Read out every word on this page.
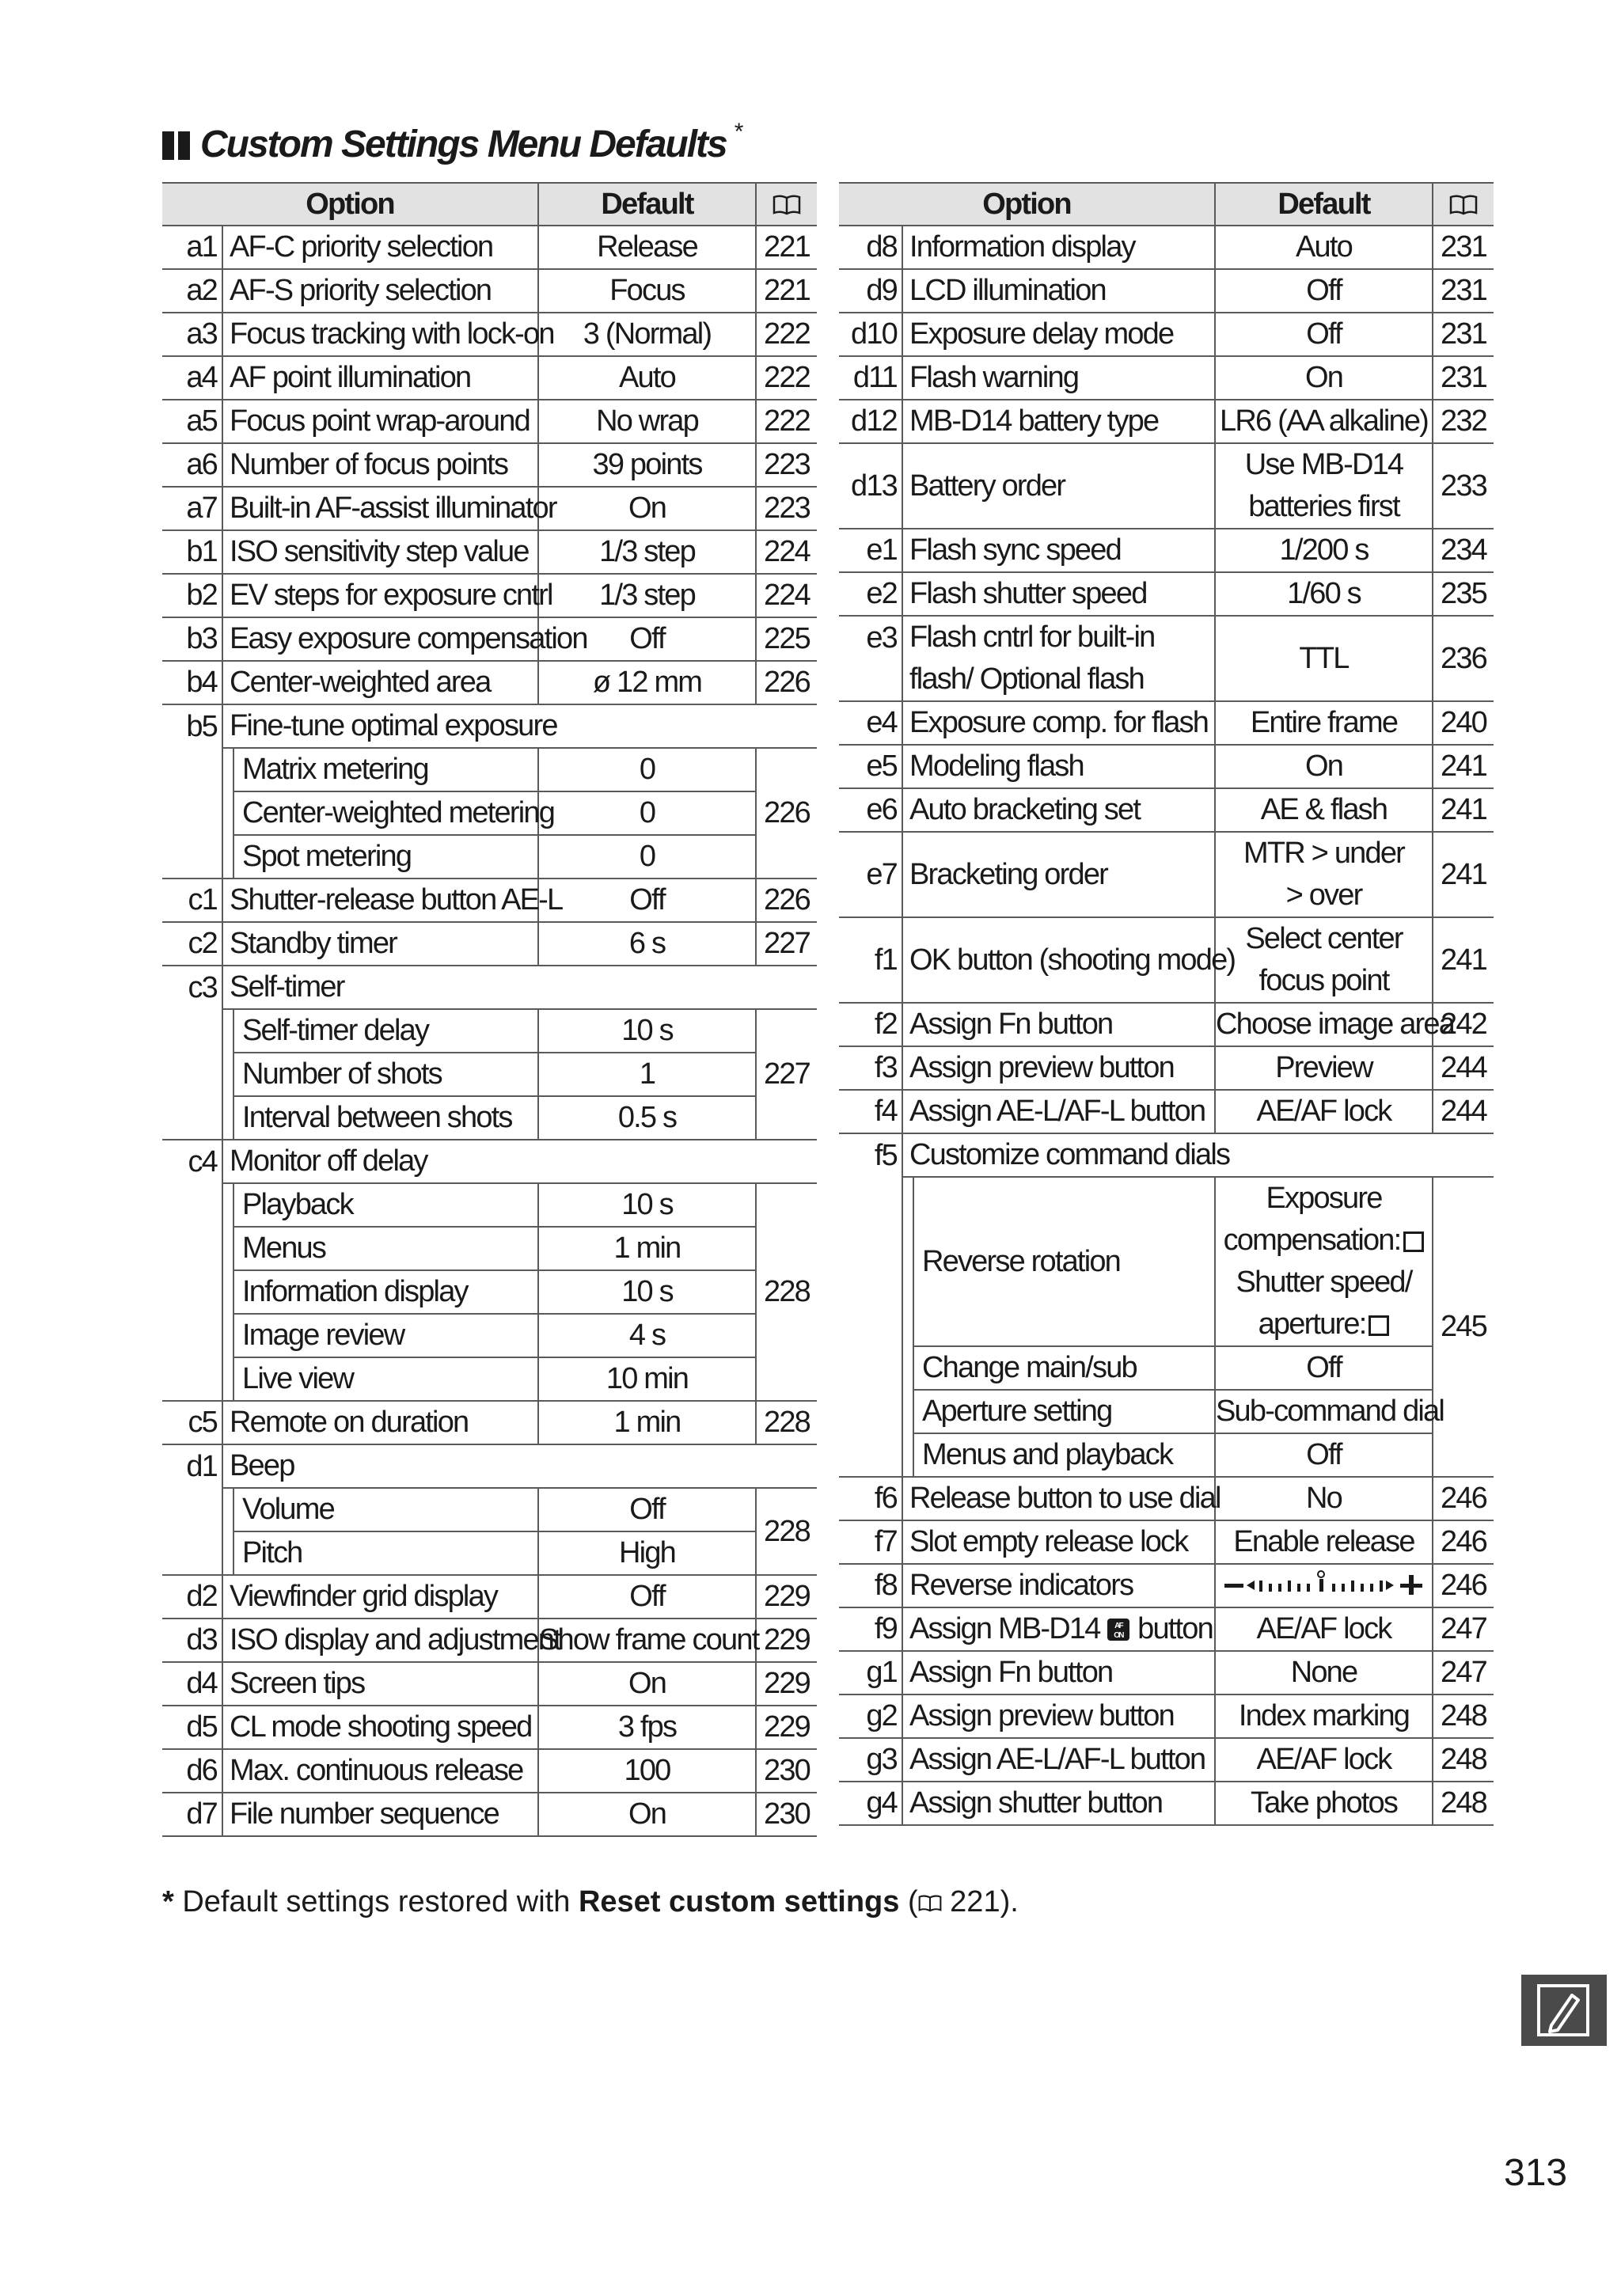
Custom Settings Menu Defaults *
Option			Default	
a1	AF-C priority selection		Release	221
a2	AF-S priority selection		Focus	221
a3	Focus tracking with lock-on		3 (Normal)	222
a4	AF point illumination		Auto	222
a5	Focus point wrap-around		No wrap	222
a6	Number of focus points		39 points	223
a7	Built-in AF-assist illuminator		On	223
b1	ISO sensitivity step value		1/3 step	224
b2	EV steps for exposure cntrl		1/3 step	224
b3	Easy exposure compensation		Off	225
b4	Center-weighted area		ø 12 mm	226
b5	Fine-tune optimal exposure			
		Matrix metering	0	226
		Center-weighted metering	0	
		Spot metering	0	
c1	Shutter-release button AE-L		Off	226
c2	Standby timer		6 s	227
c3	Self-timer			
		Self-timer delay	10 s	227
		Number of shots	1	
		Interval between shots	0.5 s	
c4	Monitor off delay			
		Playback	10 s	228
		Menus	1 min	
		Information display	10 s	
		Image review	4 s	
		Live view	10 min	
c5	Remote on duration		1 min	228
d1	Beep			
		Volume	Off	228
		Pitch	High	
d2	Viewfinder grid display		Off	229
d3	ISO display and adjustment		Show frame count	229
d4	Screen tips		On	229
d5	CL mode shooting speed		3 fps	229
d6	Max. continuous release		100	230
d7	File number sequence		On	230
Option			Default	
d8	Information display		Auto	231
d9	LCD illumination		Off	231
d10	Exposure delay mode		Off	231
d11	Flash warning		On	231
d12	MB-D14 battery type		LR6 (AA alkaline)	232
d13	Battery order		Use MB-D14 batteries first	233
e1	Flash sync speed		1/200 s	234
e2	Flash shutter speed		1/60 s	235
e3	Flash cntrl for built-in flash/ Optional flash		TTL	236
e4	Exposure comp. for flash		Entire frame	240
e5	Modeling flash		On	241
e6	Auto bracketing set		AE & flash	241
e7	Bracketing order		MTR > under > over	241
f1	OK button (shooting mode)		Select center focus point	241
f2	Assign Fn button		Choose image area	242
f3	Assign preview button		Preview	244
f4	Assign AE-L/AF-L button		AE/AF lock	244
f5	Customize command dials			
		Reverse rotation	Exposure
compensation:
Shutter speed/
aperture:	245
		Change main/sub	Off	
		Aperture setting	Sub-command dial	
		Menus and playback	Off	
f6	Release button to use dial		No	246
f7	Slot empty release lock		Enable release	246
f8	Reverse indicators			246
f9	Assign MB-D14 AF
ON button		AE/AF lock	247
g1	Assign Fn button		None	247
g2	Assign preview button		Index marking	248
g3	Assign AE-L/AF-L button		AE/AF lock	248
g4	Assign shutter button		Take photos	248
* Default settings restored with Reset custom settings ( 221).
313
